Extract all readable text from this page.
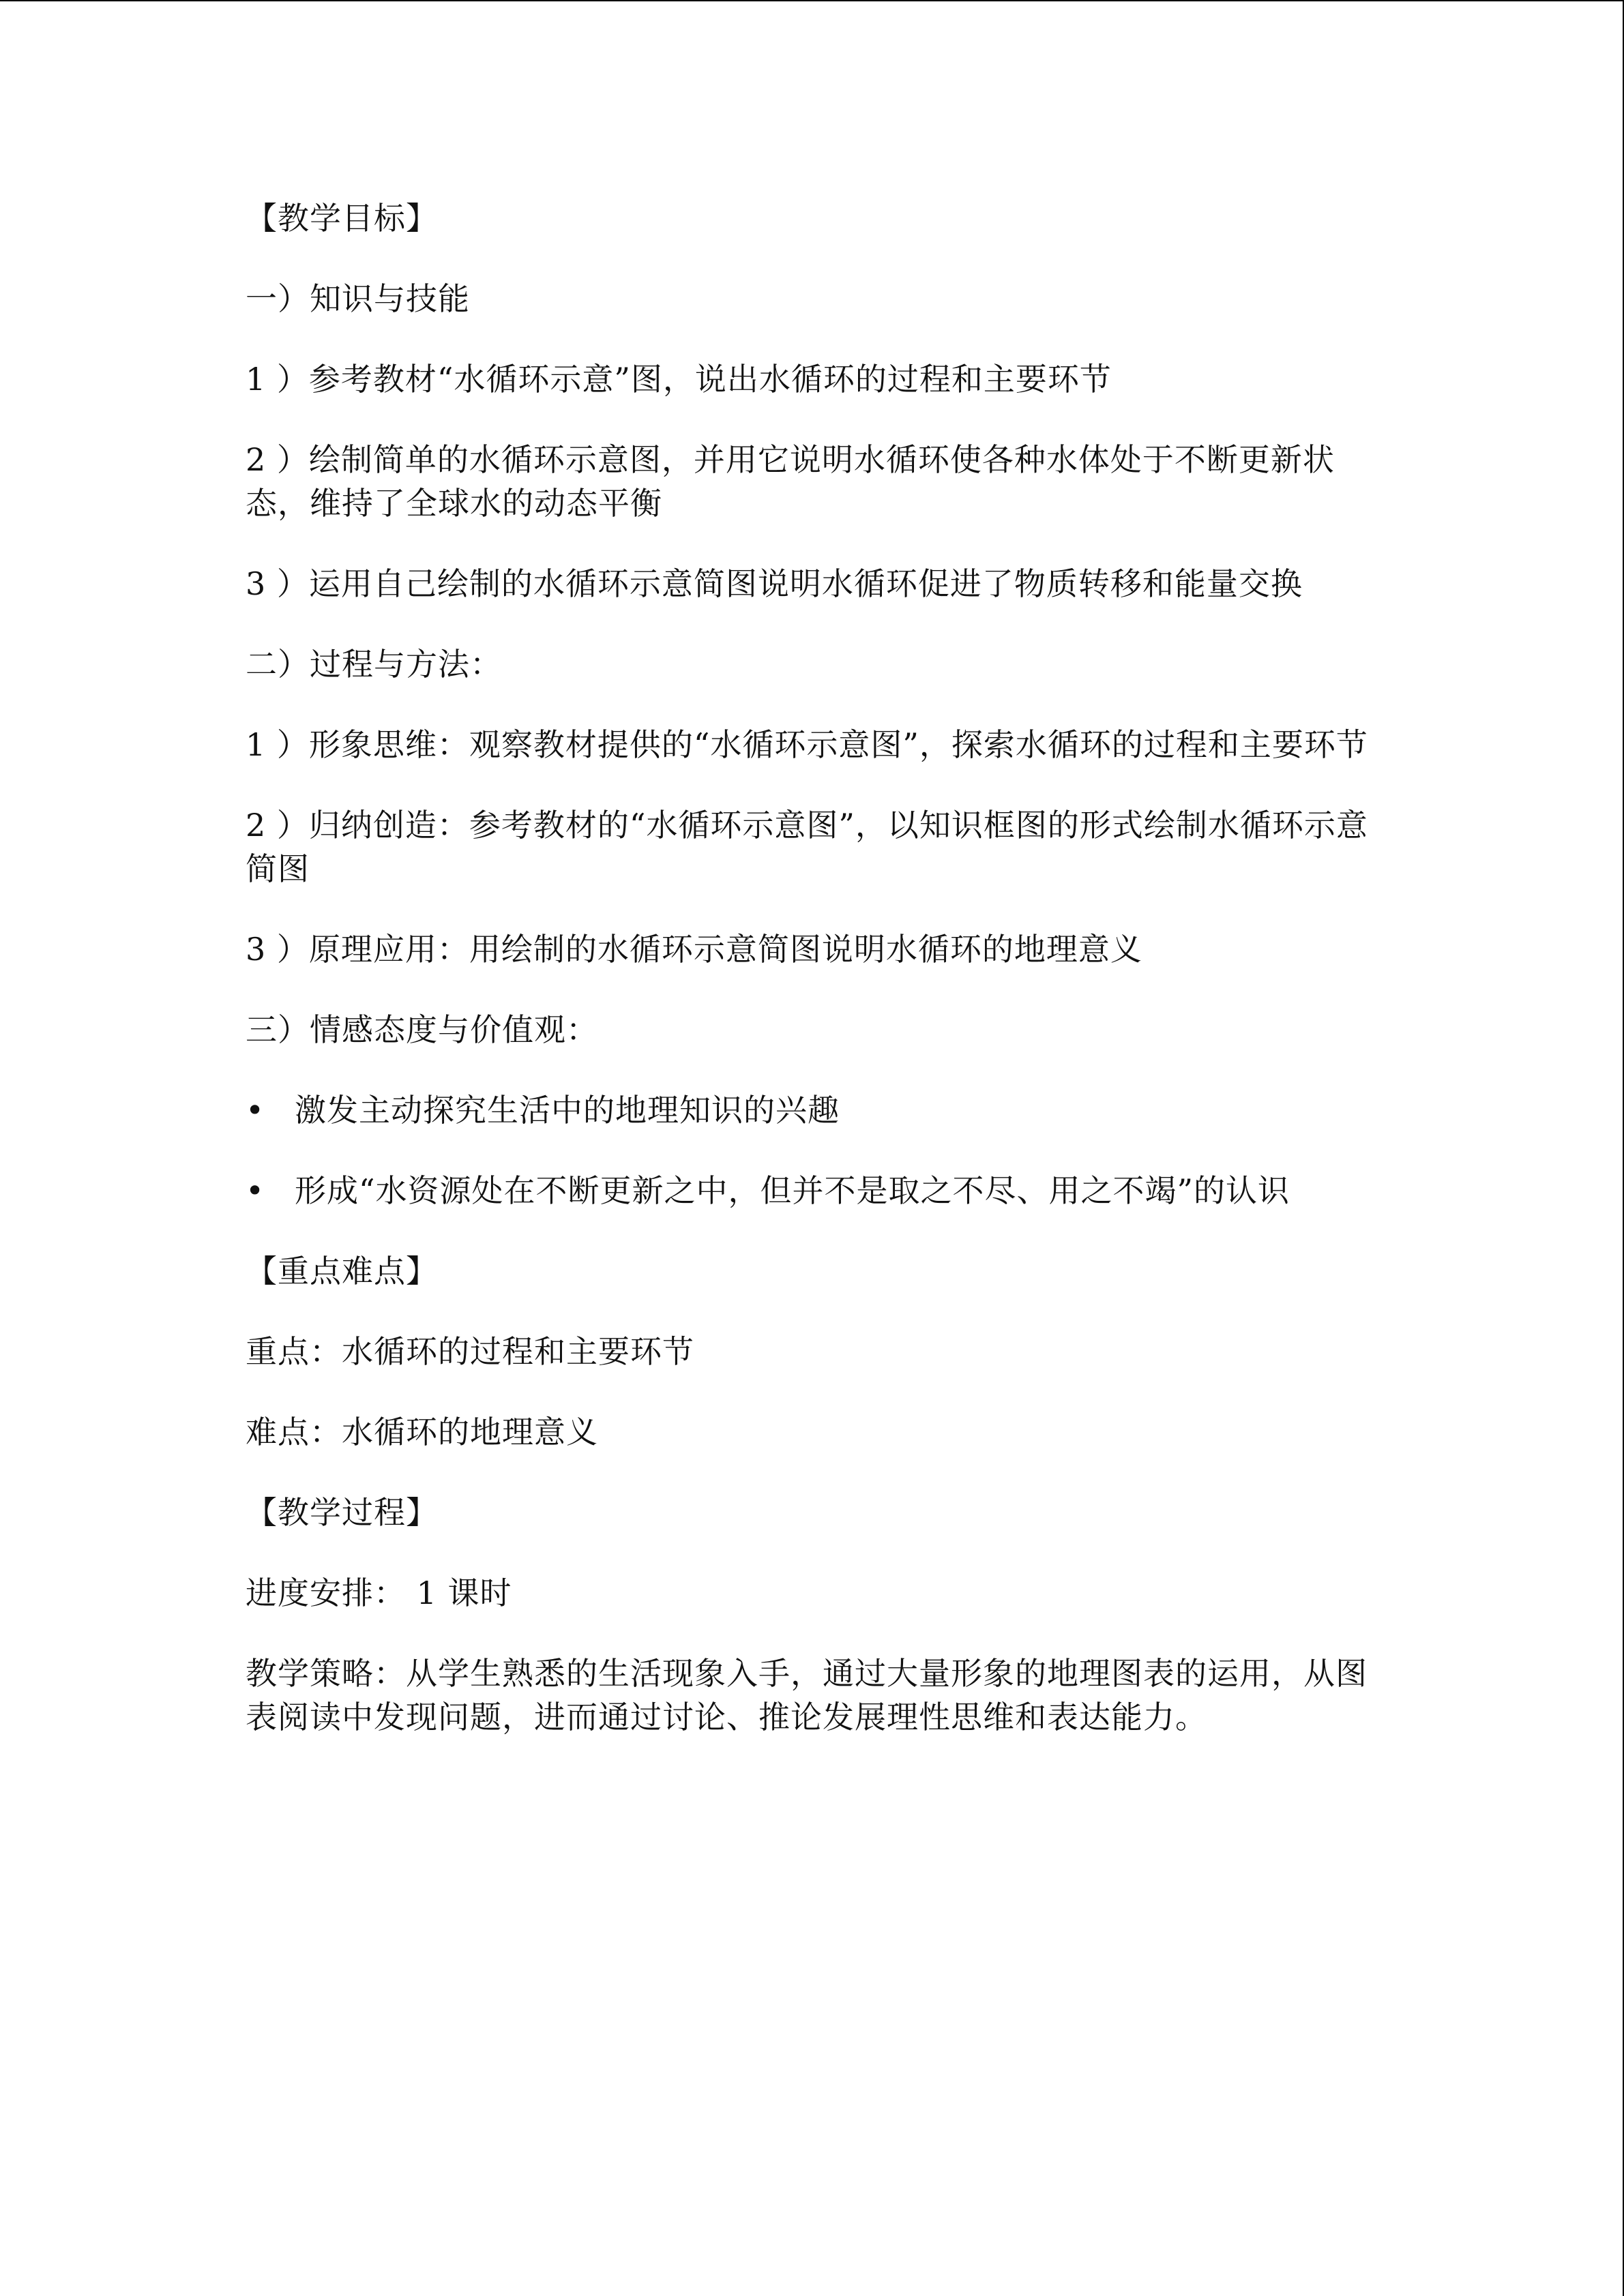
【教学目标】

一）知识与技能

1 ）参考教材“水循环示意”图，说出水循环的过程和主要环节

2 ）绘制简单的水循环示意图，并用它说明水循环使各种水体处于不断更新状态，维持了全球水的动态平衡

3 ）运用自己绘制的水循环示意简图说明水循环促进了物质转移和能量交换

二）过程与方法：

1 ）形象思维：观察教材提供的“水循环示意图”，探索水循环的过程和主要环节

2 ）归纳创造：参考教材的“水循环示意图”，以知识框图的形式绘制水循环示意简图

3 ）原理应用：用绘制的水循环示意简图说明水循环的地理意义

三）情感态度与价值观：

• 激发主动探究生活中的地理知识的兴趣
• 形成“水资源处在不断更新之中，但并不是取之不尽、用之不竭”的认识

【重点难点】

重点：水循环的过程和主要环节

难点：水循环的地理意义

【教学过程】

进度安排： 1 课时

教学策略：从学生熟悉的生活现象入手，通过大量形象的地理图表的运用，从图表阅读中发现问题，进而通过讨论、推论发展理性思维和表达能力。
